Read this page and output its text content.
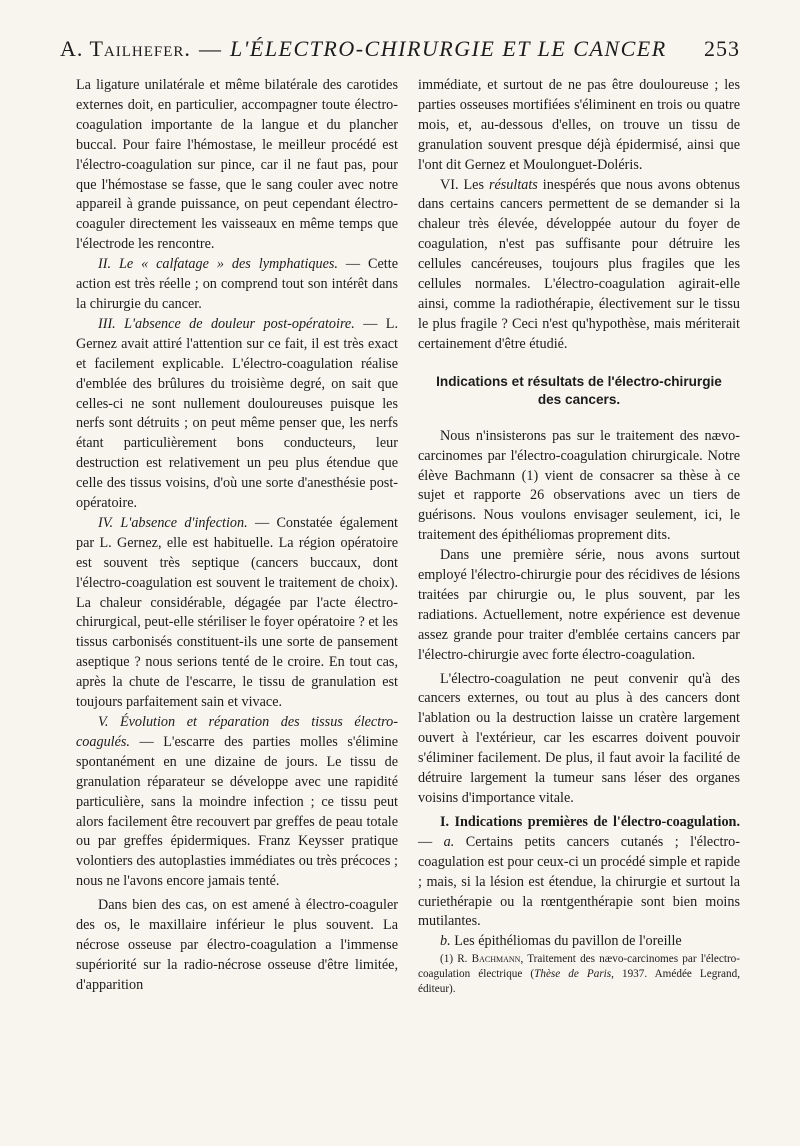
A. Tailhefer. — L'ÉLECTRO-CHIRURGIE ET LE CANCER 253

La ligature unilatérale et même bilatérale des carotides externes doit, en particulier, accompagner toute électro-coagulation importante de la langue et du plancher buccal. Pour faire l'hémostase, le meilleur procédé est l'électro-coagulation sur pince, car il ne faut pas, pour que l'hémostase se fasse, que le sang couler avec notre appareil à grande puissance, on peut cependant électro-coaguler directement les vaisseaux en même temps que l'électrode les rencontre.

II. Le « calfatage » des lymphatiques. — Cette action est très réelle ; on comprend tout son intérêt dans la chirurgie du cancer.

III. L'absence de douleur post-opératoire. — L. Gernez avait attiré l'attention sur ce fait, il est très exact et facilement explicable. L'électro-coagulation réalise d'emblée des brûlures du troisième degré, on sait que celles-ci ne sont nullement douloureuses puisque les nerfs sont détruits ; on peut même penser que, les nerfs étant particulièrement bons conducteurs, leur destruction est relativement un peu plus étendue que celle des tissus voisins, d'où une sorte d'anesthésie post-opératoire.

IV. L'absence d'infection. — Constatée également par L. Gernez, elle est habituelle. La région opératoire est souvent très septique (cancers buccaux, dont l'électro-coagulation est souvent le traitement de choix). La chaleur considérable, dégagée par l'acte électro-chirurgical, peut-elle stériliser le foyer opératoire ? et les tissus carbonisés constituent-ils une sorte de pansement aseptique ? nous serions tenté de le croire. En tout cas, après la chute de l'escarre, le tissu de granulation est toujours parfaitement sain et vivace.

V. Évolution et réparation des tissus électro-coagulés. — L'escarre des parties molles s'élimine spontanément en une dizaine de jours. Le tissu de granulation réparateur se développe avec une rapidité particulière, sans la moindre infection ; ce tissu peut alors facilement être recouvert par greffes de peau totale ou par greffes épidermiques. Franz Keysser pratique volontiers des autoplasties immédiates ou très précoces ; nous ne l'avons encore jamais tenté.

Dans bien des cas, on est amené à électro-coaguler des os, le maxillaire inférieur le plus souvent. La nécrose osseuse par électro-coagulation a l'immense supériorité sur la radio-nécrose osseuse d'être limitée, d'apparition

immédiate, et surtout de ne pas être douloureuse ; les parties osseuses mortifiées s'éliminent en trois ou quatre mois, et, au-dessous d'elles, on trouve un tissu de granulation souvent presque déjà épidermisé, ainsi que l'ont dit Gernez et Moulonguet-Doléris.

VI. Les résultats inespérés que nous avons obtenus dans certains cancers permettent de se demander si la chaleur très élevée, développée autour du foyer de coagulation, n'est pas suffisante pour détruire les cellules cancéreuses, toujours plus fragiles que les cellules normales. L'électro-coagulation agirait-elle ainsi, comme la radiothérapie, électivement sur le tissu le plus fragile ? Ceci n'est qu'hypothèse, mais mériterait certainement d'être étudié.

Indications et résultats de l'électro-chirurgie des cancers.

Nous n'insisterons pas sur le traitement des nævo-carcinomes par l'électro-coagulation chirurgicale. Notre élève Bachmann (1) vient de consacrer sa thèse à ce sujet et rapporte 26 observations avec un tiers de guérisons. Nous voulons envisager seulement, ici, le traitement des épithéliomas proprement dits.

Dans une première série, nous avons surtout employé l'électro-chirurgie pour des récidives de lésions traitées par chirurgie ou, le plus souvent, par les radiations. Actuellement, notre expérience est devenue assez grande pour traiter d'emblée certains cancers par l'électro-chirurgie avec forte électro-coagulation.

L'électro-coagulation ne peut convenir qu'à des cancers externes, ou tout au plus à des cancers dont l'ablation ou la destruction laisse un cratère largement ouvert à l'extérieur, car les escarres doivent pouvoir s'éliminer facilement. De plus, il faut avoir la facilité de détruire largement la tumeur sans léser des organes voisins d'importance vitale.

I. Indications premières de l'électro-coagulation. — a. Certains petits cancers cutanés ; l'électro-coagulation est pour ceux-ci un procédé simple et rapide ; mais, si la lésion est étendue, la chirurgie et surtout la curiethérapie ou la rœntgenthérapie sont bien moins mutilantes.

b. Les épithéliomas du pavillon de l'oreille

(1) R. Bachmann, Traitement des nævo-carcinomes par l'électro-coagulation électrique (Thèse de Paris, 1937. Amédée Legrand, éditeur).
